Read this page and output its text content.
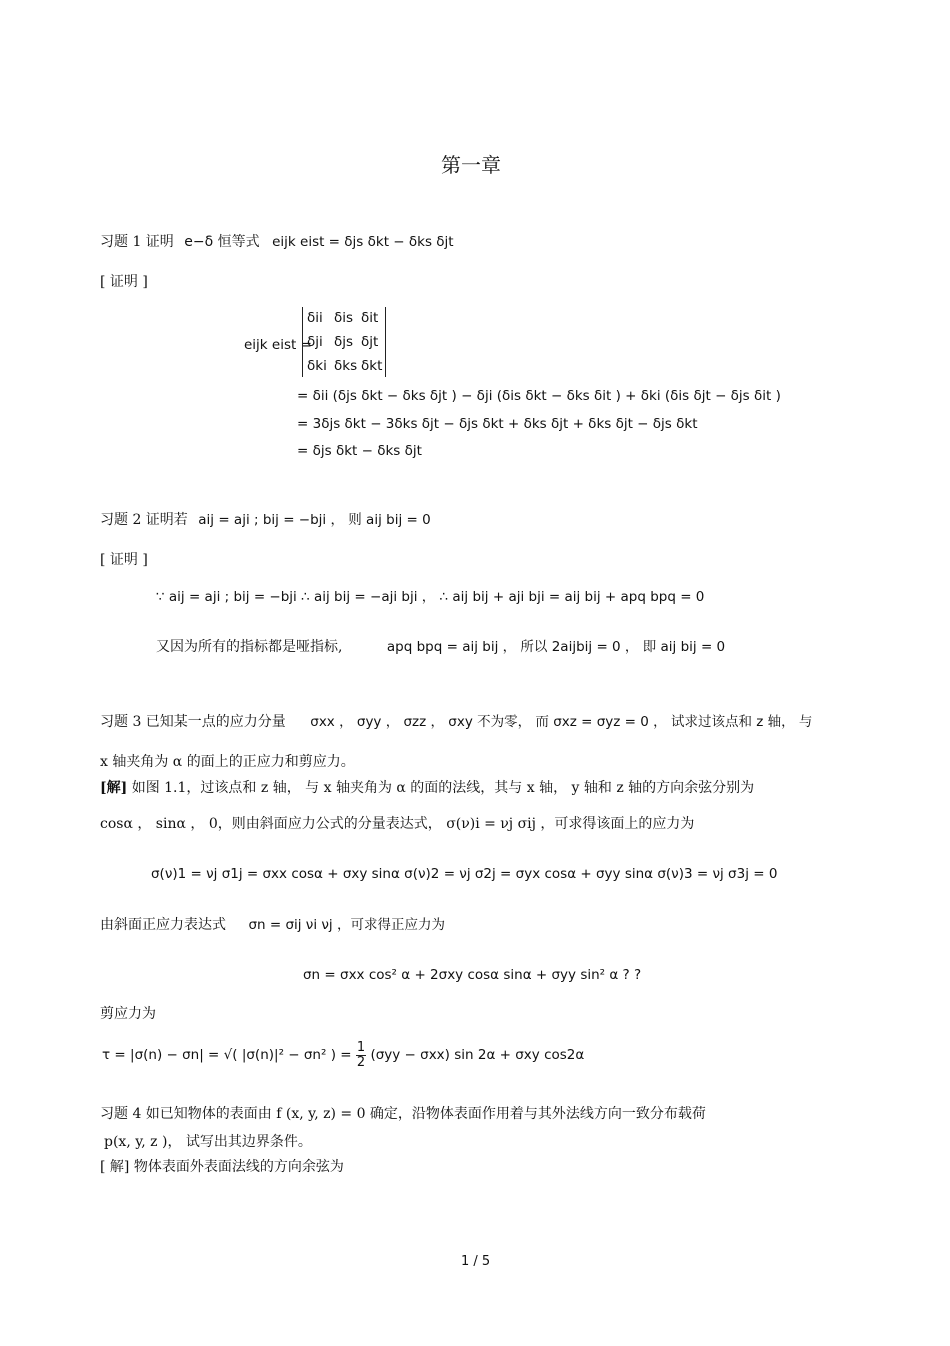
第一章
习题 1 证明 e−δ 恒等式 eijk eist = δjs δkt − δks δjt
[ 证明 ]
eijk eist =
δii δis δit
δji δjs δjt
δki δks δkt
= δii (δjs δkt − δks δjt ) − δji (δis δkt − δks δit ) + δki (δis δjt − δjs δit )
= 3δjs δkt − 3δks δjt − δjs δkt + δks δjt + δks δjt − δjs δkt
= δjs δkt − δks δjt
习题 2 证明若 aij = aji ; bij = −bji ， 则 aij bij = 0
[ 证明 ]
∵ aij = aji ; bij = −bji ∴ aij bij = −aji bji ， ∴ aij bij + aji bji = aij bij + apq bpq = 0
又因为所有的指标都是哑指标,	apq bpq = aij bij ， 所以 2aijbij = 0 ， 即 aij bij = 0
习题 3 已知某一点的应力分量 σxx ， σyy ， σzz ， σxy 不为零， 而 σxz = σyz = 0 ， 试求过该点和 z 轴， 与
x 轴夹角为 α 的面上的正应力和剪应力。
[解] 如图 1.1，过该点和 z 轴， 与 x 轴夹角为 α 的面的法线，其与 x 轴， y 轴和 z 轴的方向余弦分别为
cosα ， sinα ， 0，则由斜面应力公式的分量表达式， σ(ν)i = νj σij ，可求得该面上的应力为
σ(ν)1 = νj σ1j = σxx cosα + σxy sinα σ(ν)2 = νj σ2j = σyx cosα + σyy sinα σ(ν)3 = νj σ3j = 0
由斜面正应力表达式 σn = σij νi νj ，可求得正应力为
σn = σxx cos² α + 2σxy cosα sinα + σyy sin² α ? ?
剪应力为
τ = |σ(n) − σn| = √( |σ(n)|² − σn² ) = $\frac{1}{2} (\sigma yy - \sigma xx)$ sin 2α + σxy cos2α
习题 4 如已知物体的表面由 f (x, y, z) = 0 确定，沿物体表面作用着与其外法线方向一致分布载荷
p(x, y, z )， 试写出其边界条件。
[ 解] 物体表面外表面法线的方向余弦为
1 / 5
